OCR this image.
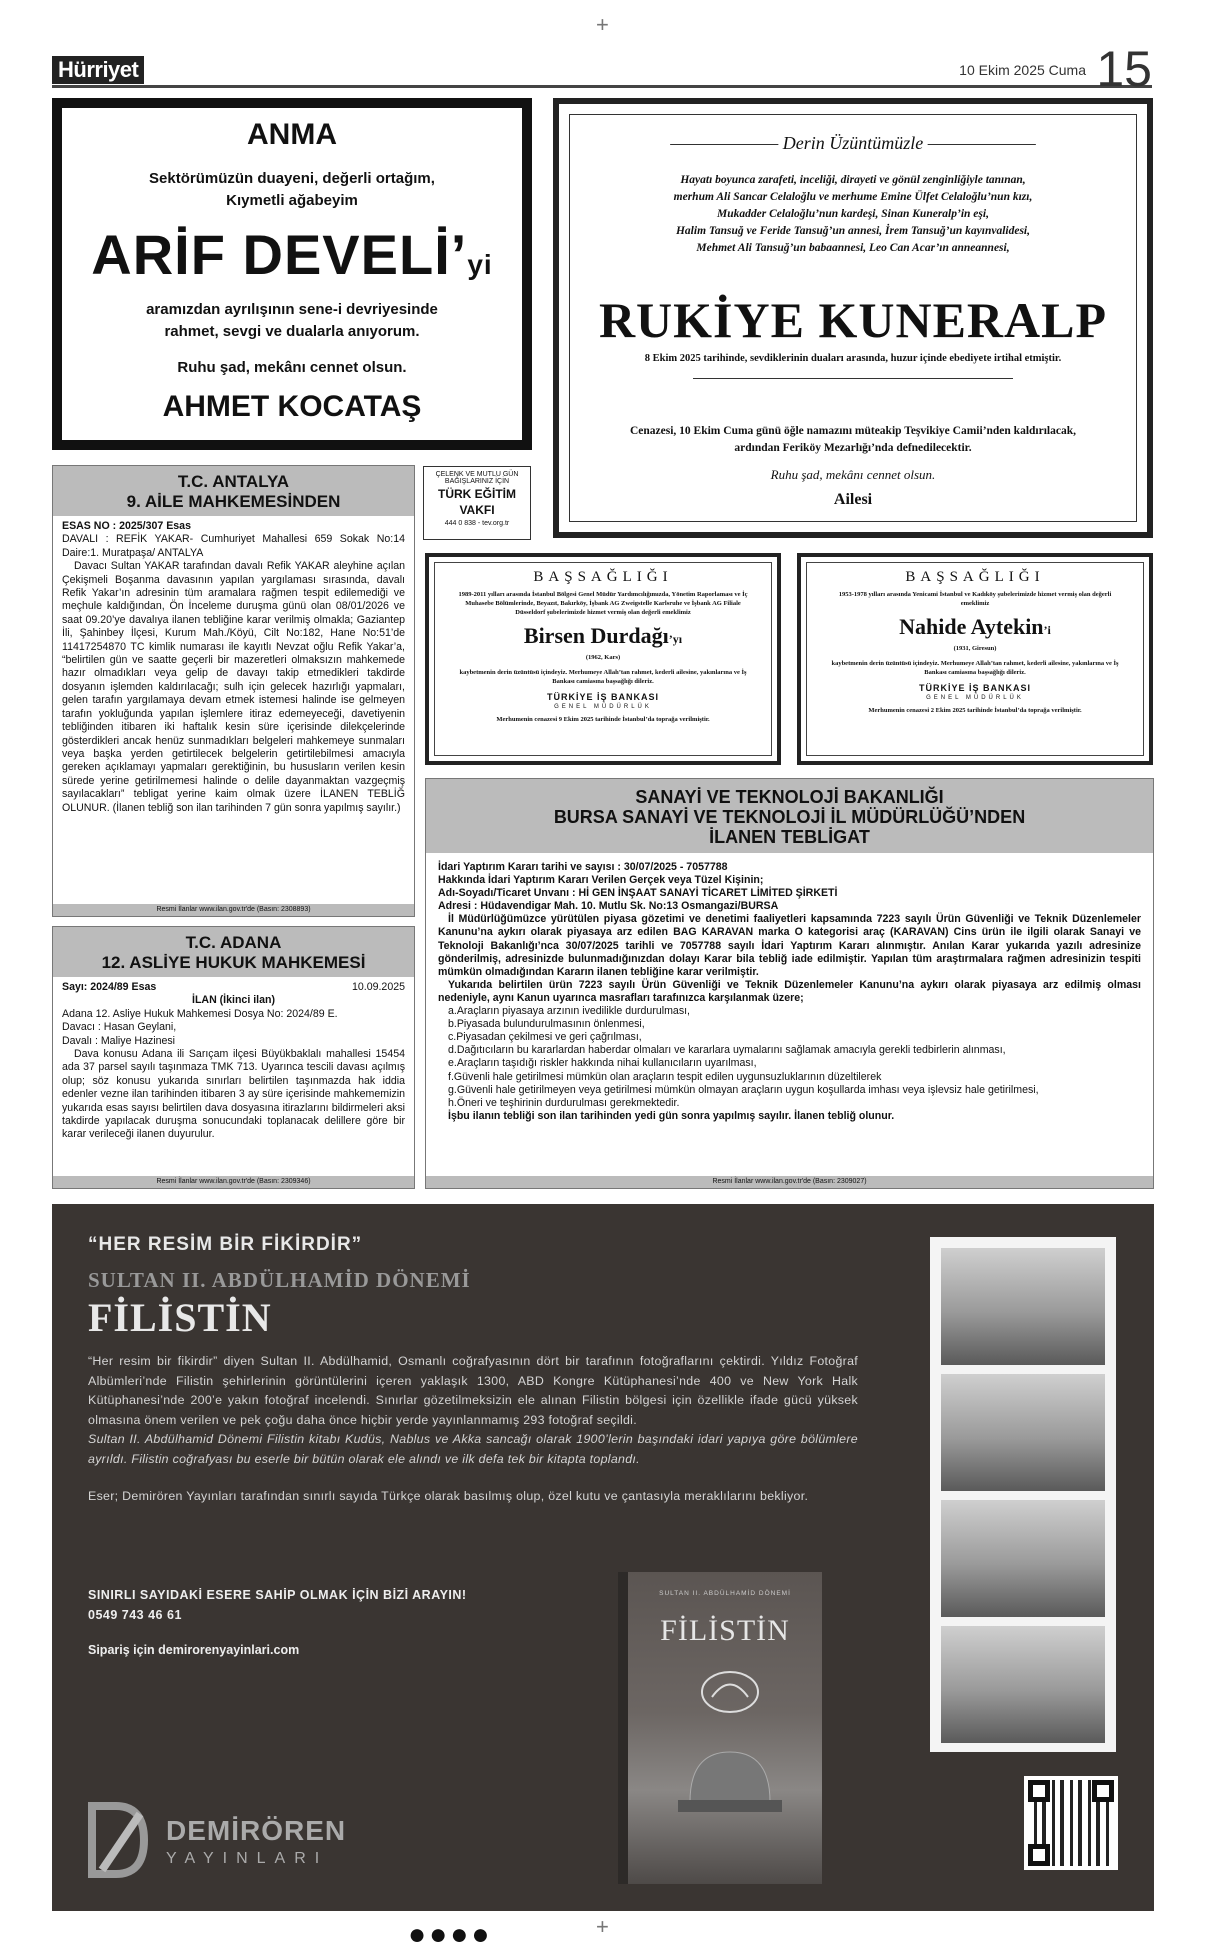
+
Hürriyet	10 Ekim 2025 Cuma 15
ANMA
Sektörümüzün duayeni, değerli ortağım,
Kıymetli ağabeyim
ARİF DEVELİ’yi
aramızdan ayrılışının sene-i devriyesinde
rahmet, sevgi ve dualarla anıyorum.
Ruhu şad, mekânı cennet olsun.
AHMET KOCATAŞ
―――――― Derin Üzüntümüzle ――――――
Hayatı boyunca zarafeti, inceliği, dirayeti ve gönül zenginliğiyle tanınan,
merhum Ali Sancar Celaloğlu ve merhume Emine Ülfet Celaloğlu’nun kızı,
Mukadder Celaloğlu’nun kardeşi, Sinan Kuneralp’in eşi,
Halim Tansuğ ve Feride Tansuğ’un annesi, İrem Tansuğ’un kayınvalidesi,
Mehmet Ali Tansuğ’un babaannesi, Leo Can Acar’ın anneannesi,
RUKİYE KUNERALP
8 Ekim 2025 tarihinde, sevdiklerinin duaları arasında, huzur içinde ebediyete irtihal etmiştir.
Cenazesi, 10 Ekim Cuma günü öğle namazını müteakip Teşvikiye Camii’nden kaldırılacak,
ardından Feriköy Mezarlığı’nda defnedilecektir.
Ruhu şad, mekânı cennet olsun.
Ailesi
ÇELENK VE MUTLU GÜN
BAĞIŞLARINIZ İÇİN
TÜRK EĞİTİM
VAKFI
444 0 838 - tev.org.tr
T.C. ANTALYA
9. AİLE MAHKEMESİNDEN
ESAS NO : 2025/307 Esas
DAVALI : REFİK YAKAR- Cumhuriyet Mahallesi 659 Sokak No:14 Daire:1. Muratpaşa/ ANTALYA
Davacı Sultan YAKAR tarafından davalı Refik YAKAR aleyhine açılan Çekişmeli Boşanma davasının yapılan yargılaması sırasında, davalı Refik Yakar’ın adresinin tüm aramalara rağmen tespit edilemediği ve meçhule kaldığından, Ön İnceleme duruşma günü olan 08/01/2026 ve saat 09.20’ye davalıya ilanen tebliğine karar verilmiş olmakla; Gaziantep İli, Şahinbey İlçesi, Kurum Mah./Köyü, Cilt No:182, Hane No:51’de 11417254870 TC kimlik numarası ile kayıtlı Nevzat oğlu Refik Yakar’a, “belirtilen gün ve saatte geçerli bir mazeretleri olmaksızın mahkemede hazır olmadıkları veya gelip de davayı takip etmedikleri takdirde dosyanın işlemden kaldırılacağı; sulh için gelecek hazırlığı yapmaları, gelen tarafın yargılamaya devam etmek istemesi halinde ise gelmeyen tarafın yokluğunda yapılan işlemlere itiraz edemeyeceği, davetiyenin tebliğinden itibaren iki haftalık kesin süre içerisinde dilekçelerinde gösterdikleri ancak henüz sunmadıkları belgeleri mahkemeye sunmaları veya başka yerden getirtilecek belgelerin getirtilebilmesi amacıyla gereken açıklamayı yapmaları gerektiğinin, bu hususların verilen kesin sürede yerine getirilmemesi halinde o delile dayanmaktan vazgeçmiş sayılacakları” tebligat yerine kaim olmak üzere İLANEN TEBLİĞ OLUNUR. (İlanen tebliğ son ilan tarihinden 7 gün sonra yapılmış sayılır.)
Resmi İlanlar www.ilan.gov.tr'de (Basın: 2308893)
T.C. ADANA
12. ASLİYE HUKUK MAHKEMESİ
Sayı: 2024/89 Esas	10.09.2025
İLAN (İkinci ilan)
Adana 12. Asliye Hukuk Mahkemesi Dosya No: 2024/89 E.
Davacı : Hasan Geylani,
Davalı : Maliye Hazinesi
Dava konusu Adana ili Sarıçam ilçesi Büyükbaklalı mahallesi 15454 ada 37 parsel sayılı taşınmaza TMK 713. Uyarınca tescili davası açılmış olup; söz konusu yukarıda sınırları belirtilen taşınmazda hak iddia edenler vezne ilan tarihinden itibaren 3 ay süre içerisinde mahkememizin yukarıda esas sayısı belirtilen dava dosyasına itirazlarını bildirmeleri aksi takdirde yapılacak duruşma sonucundaki toplanacak delillere göre bir karar verileceği ilanen duyurulur.
Resmi İlanlar www.ilan.gov.tr'de (Basın: 2309346)
BAŞSAĞLIĞI
1989-2011 yılları arasında İstanbul Bölgesi Genel Müdür Yardımcılığımızda, Yönetim Raporlaması ve İç Muhasebe Bölümlerinde, Beyazıt, Bakırköy, İşbank AG Zweigstelle Karlsruhe ve İşbank AG Filiale Düsseldorf şubelerimizde hizmet vermiş olan değerli emeklimiz
Birsen Durdağı’yı
(1962, Kars)
kaybetmenin derin üzüntüsü içindeyiz. Merhumeye Allah’tan rahmet, kederli ailesine, yakınlarına ve İş Bankası camiasına başsağlığı dileriz.
TÜRKİYE İŞ BANKASI
GENEL MÜDÜRLÜK
Merhumenin cenazesi 9 Ekim 2025 tarihinde İstanbul’da toprağa verilmiştir.
BAŞSAĞLIĞI
1953-1978 yılları arasında Yenicami İstanbul ve Kadıköy şubelerimizde hizmet vermiş olan değerli emeklimiz
Nahide Aytekin’i
(1931, Giresun)
kaybetmenin derin üzüntüsü içindeyiz. Merhumeye Allah’tan rahmet, kederli ailesine, yakınlarına ve İş Bankası camiasına başsağlığı dileriz.
TÜRKİYE İŞ BANKASI
GENEL MÜDÜRLÜK
Merhumenin cenazesi 2 Ekim 2025 tarihinde İstanbul’da toprağa verilmiştir.
SANAYİ VE TEKNOLOJİ BAKANLIĞI
BURSA SANAYİ VE TEKNOLOJİ İL MÜDÜRLÜĞÜ’NDEN
İLANEN TEBLİGAT
İdari Yaptırım Kararı tarihi ve sayısı : 30/07/2025 - 7057788
Hakkında İdari Yaptırım Kararı Verilen Gerçek veya Tüzel Kişinin;
Adı-Soyadı/Ticaret Unvanı : Hİ GEN İNŞAAT SANAYİ TİCARET LİMİTED ŞİRKETİ
Adresi : Hüdavendigar Mah. 10. Mutlu Sk. No:13 Osmangazi/BURSA
İl Müdürlüğümüzce yürütülen piyasa gözetimi ve denetimi faaliyetleri kapsamında 7223 sayılı Ürün Güvenliği ve Teknik Düzenlemeler Kanunu’na aykırı olarak piyasaya arz edilen BAG KARAVAN marka O kategorisi araç (KARAVAN) Cins ürün ile ilgili olarak Sanayi ve Teknoloji Bakanlığı’nca 30/07/2025 tarihli ve 7057788 sayılı İdari Yaptırım Kararı alınmıştır. Anılan Karar yukarıda yazılı adresinize gönderilmiş, adresinizde bulunmadığınızdan dolayı Karar bila tebliğ iade edilmiştir. Yapılan tüm araştırmalara rağmen adresinizin tespiti mümkün olmadığından Kararın ilanen tebliğine karar verilmiştir.
Yukarıda belirtilen ürün 7223 sayılı Ürün Güvenliği ve Teknik Düzenlemeler Kanunu’na aykırı olarak piyasaya arz edilmiş olması nedeniyle, aynı Kanun uyarınca masrafları tarafınızca karşılanmak üzere;
a.Araçların piyasaya arzının ivedilikle durdurulması,
b.Piyasada bulundurulmasının önlenmesi,
c.Piyasadan çekilmesi ve geri çağrılması,
d.Dağıtıcıların bu kararlardan haberdar olmaları ve kararlara uymalarını sağlamak amacıyla gerekli tedbirlerin alınması,
e.Araçların taşıdığı riskler hakkında nihai kullanıcıların uyarılması,
f.Güvenli hale getirilmesi mümkün olan araçların tespit edilen uygunsuzluklarının düzeltilerek
g.Güvenli hale getirilmeyen veya getirilmesi mümkün olmayan araçların uygun koşullarda imhası veya işlevsiz hale getirilmesi,
h.Öneri ve teşhirinin durdurulması gerekmektedir.
İşbu ilanın tebliği son ilan tarihinden yedi gün sonra yapılmış sayılır. İlanen tebliğ olunur.
Resmi İlanlar www.ilan.gov.tr'de (Basın: 2309027)
“HER RESİM BİR FİKİRDİR”
SULTAN II. ABDÜLHAMİD DÖNEMİ
FİLİSTİN
“Her resim bir fikirdir” diyen Sultan II. Abdülhamid, Osmanlı coğrafyasının dört bir tarafının fotoğraflarını çektirdi. Yıldız Fotoğraf Albümleri’nde Filistin şehirlerinin görüntülerini içeren yaklaşık 1300, ABD Kongre Kütüphanesi’nde 400 ve New York Halk Kütüphanesi’nde 200’e yakın fotoğraf incelendi. Sınırlar gözetilmeksizin ele alınan Filistin bölgesi için özellikle ifade gücü yüksek olmasına önem verilen ve pek çoğu daha önce hiçbir yerde yayınlanmamış 293 fotoğraf seçildi.
Sultan II. Abdülhamid Dönemi Filistin kitabı Kudüs, Nablus ve Akka sancağı olarak 1900’lerin başındaki idari yapıya göre bölümlere ayrıldı. Filistin coğrafyası bu eserle bir bütün olarak ele alındı ve ilk defa tek bir kitapta toplandı.
Eser; Demirören Yayınları tarafından sınırlı sayıda Türkçe olarak basılmış olup, özel kutu ve çantasıyla meraklılarını bekliyor.
SINIRLI SAYIDAKİ ESERE SAHİP OLMAK İÇİN BİZİ ARAYIN!
0549 743 46 61
Sipariş için demirorenyayinlari.com
SULTAN II. ABDÜLHAMİD DÖNEMİ
FİLİSTİN
DEMİRÖREN
YAYINLARI
●●●●	+
